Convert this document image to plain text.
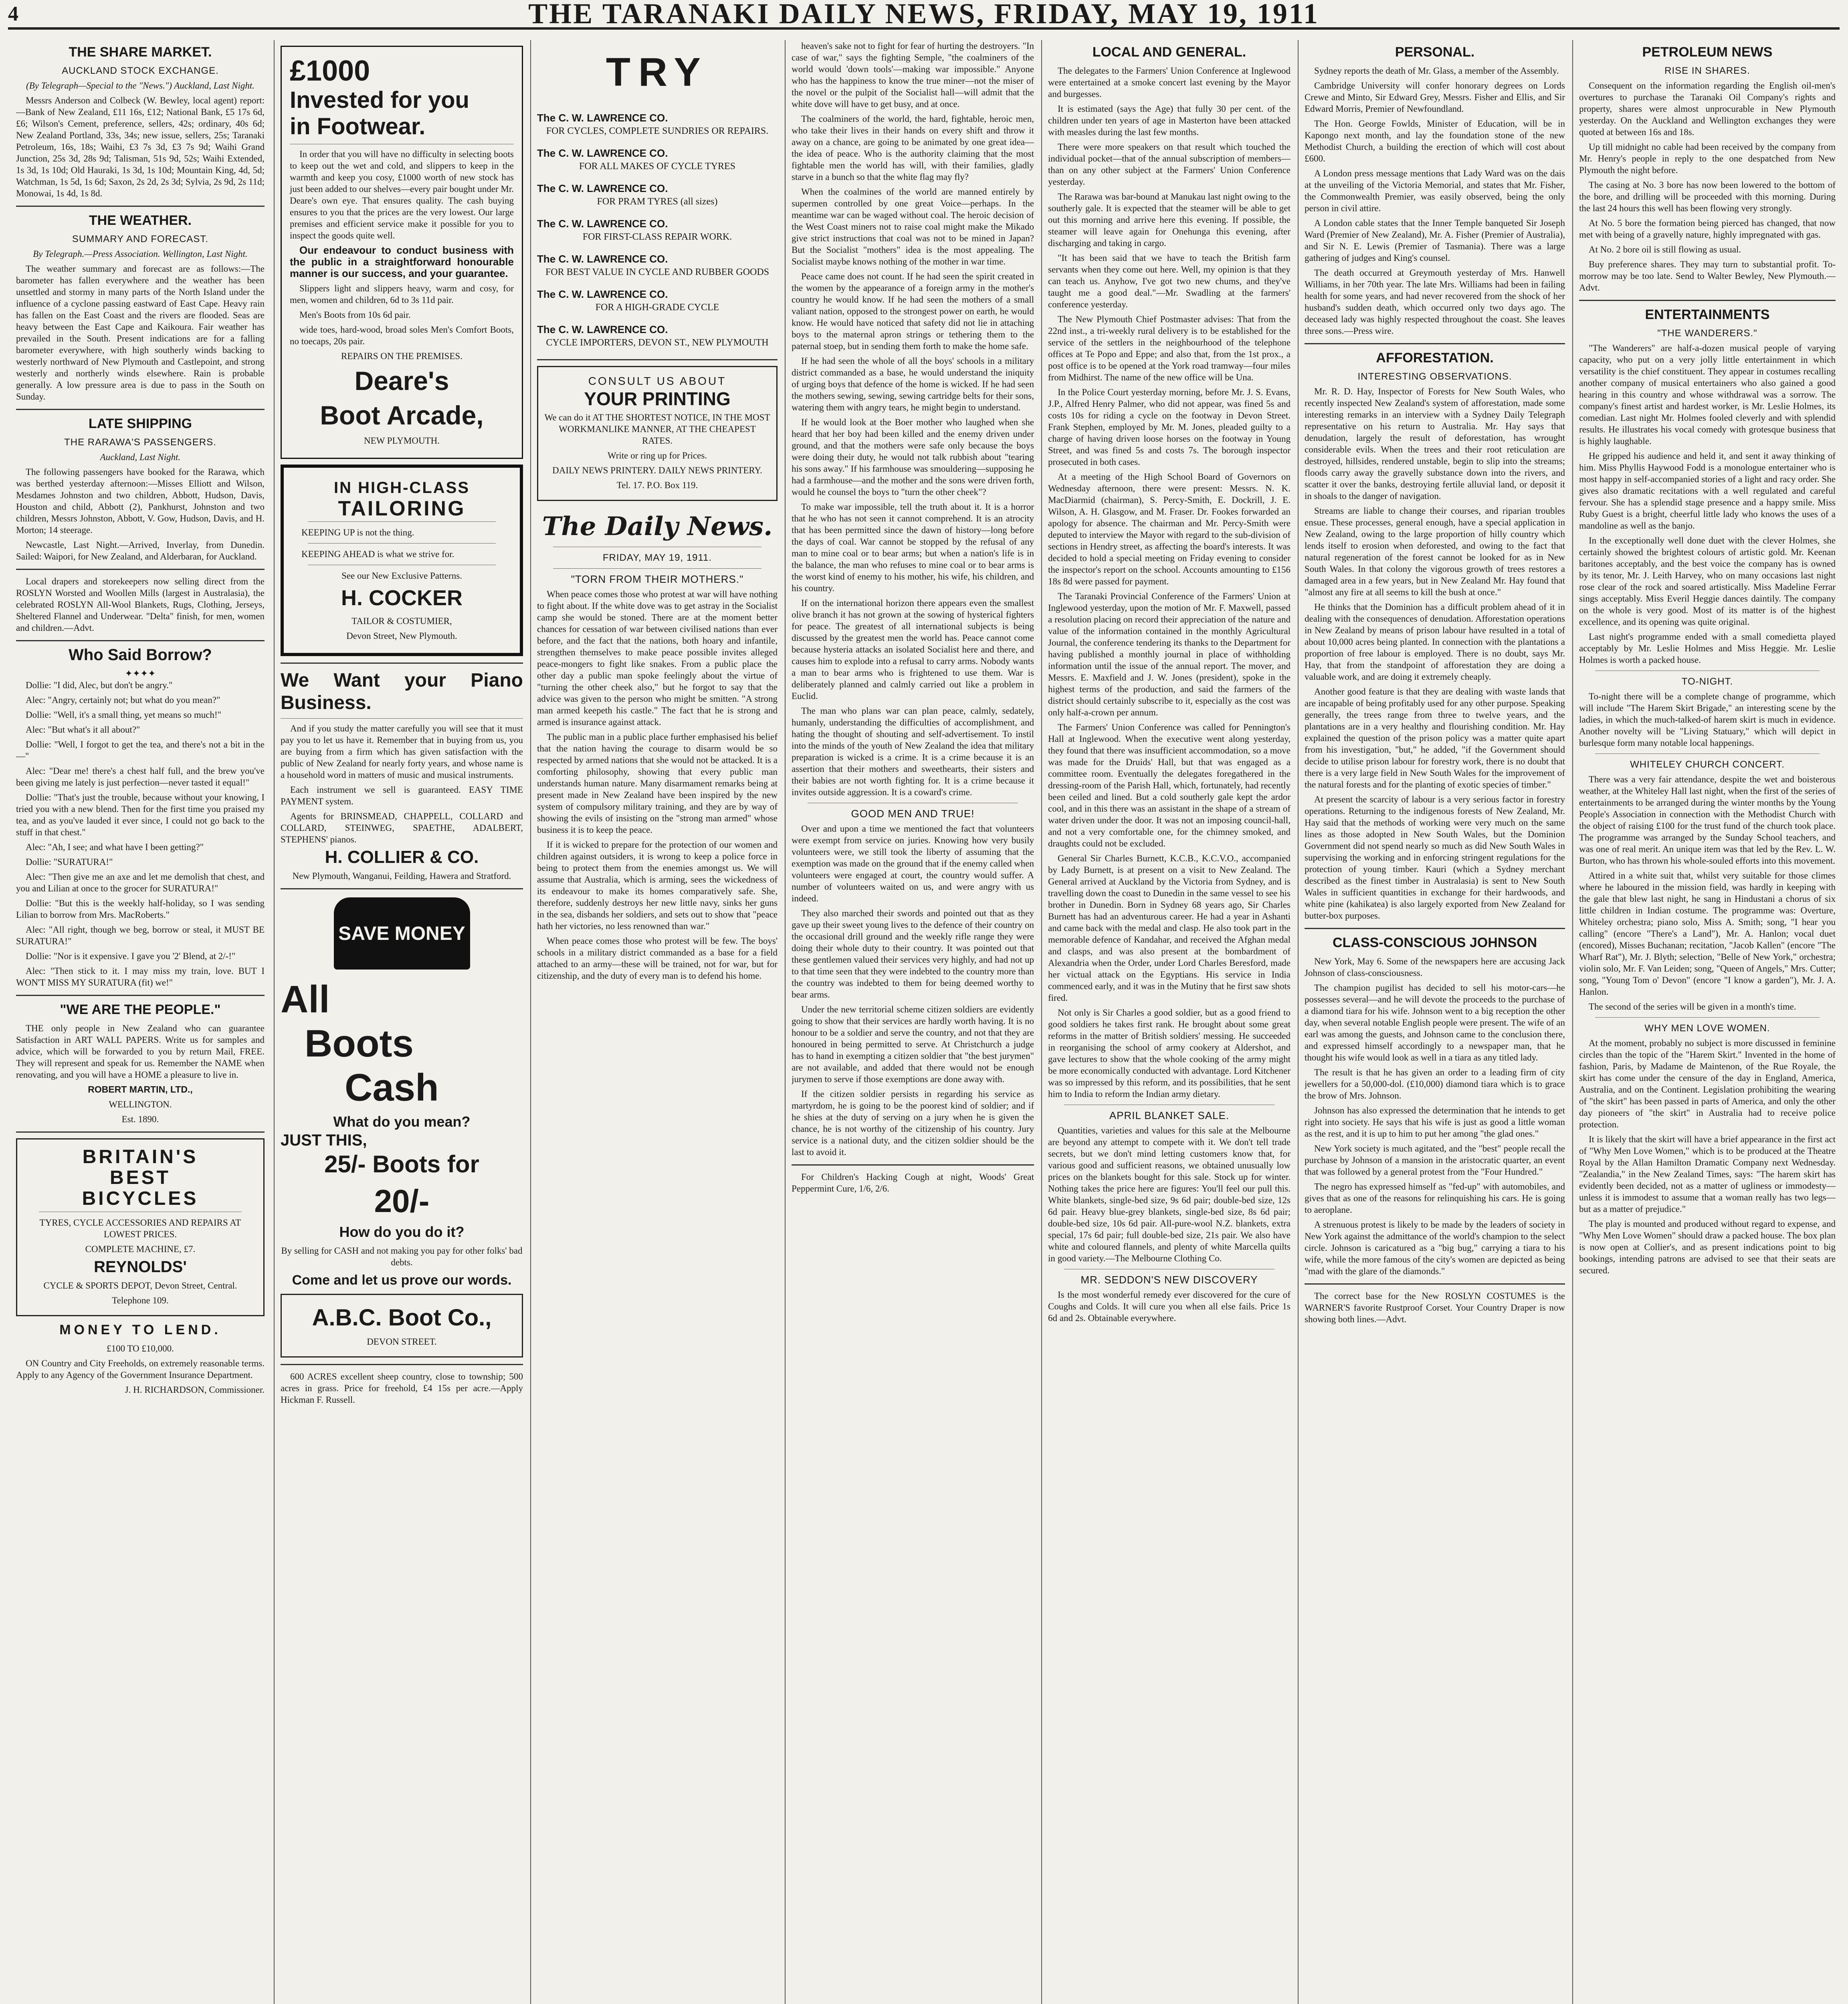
4	THE TARANAKI DAILY NEWS, FRIDAY, MAY 19, 1911
THE SHARE MARKET.
AUCKLAND STOCK EXCHANGE.

(By Telegraph—Special to the "News.") Auckland, Last Night.

Messrs Anderson and Colbeck (W. Bewley, local agent) report:—Bank of New Zealand, £11 16s, £12; National Bank, £5 17s 6d, £6; Wilson's Cement, preference, sellers, 42s; ordinary, 40s 6d; New Zealand Portland, 33s, 34s; new issue, sellers, 25s; Taranaki Petroleum, 16s, 18s; Waihi, £3 7s 3d, £3 7s 9d; Waihi Grand Junction, 25s 3d, 28s 9d; Talisman, 51s 9d, 52s; Waihi Extended, 1s 3d, 1s 10d; Old Hauraki, 1s 3d, 1s 10d; Mountain King, 4d, 5d; Watchman, 1s 5d, 1s 6d; Saxon, 2s 2d, 2s 3d; Sylvia, 2s 9d, 2s 11d; Monowai, 1s 4d, 1s 8d.

THE WEATHER.
SUMMARY AND FORECAST.

By Telegraph.—Press Association. Wellington, Last Night.

The weather summary and forecast are as follows:—The barometer has fallen everywhere and the weather has been unsettled and stormy in many parts of the North Island under the influence of a cyclone passing eastward of East Cape. Heavy rain has fallen on the East Coast and the rivers are flooded. Seas are heavy between the East Cape and Kaikoura. Fair weather has prevailed in the South. Present indications are for a falling barometer everywhere, with high southerly winds backing to westerly northward of New Plymouth and Castlepoint, and strong westerly and northerly winds elsewhere. Rain is probable generally. A low pressure area is due to pass in the South on Sunday.

LATE SHIPPING
THE RARAWA'S PASSENGERS.

Auckland, Last Night.

The following passengers have booked for the Rarawa, which was berthed yesterday afternoon:—Misses Elliott and Wilson, Mesdames Johnston and two children, Abbott, Hudson, Davis, Houston and child, Abbott (2), Pankhurst, Johnston and two children, Messrs Johnston, Abbott, V. Gow, Hudson, Davis, and H. Morton; 14 steerage.

Newcastle, Last Night.—Arrived, Inverlay, from Dunedin. Sailed: Waipori, for New Zealand, and Alderbaran, for Auckland.

Local drapers and storekeepers now selling direct from the ROSLYN Worsted and Woollen Mills (largest in Australasia), the celebrated ROSLYN All-Wool Blankets, Rugs, Clothing, Jerseys, Sheltered Flannel and Underwear. "Delta" finish, for men, women and children.—Advt.

Who Said Borrow?
✦✦✦✦

Dollie: "I did, Alec, but don't be angry."

Alec: "Angry, certainly not; but what do you mean?"

Dollie: "Well, it's a small thing, yet means so much!"

Alec: "But what's it all about?"

Dollie: "Well, I forgot to get the tea, and there's not a bit in the—"

Alec: "Dear me! there's a chest half full, and the brew you've been giving me lately is just perfection—never tasted it equal!"

Dollie: "That's just the trouble, because without your knowing, I tried you with a new blend. Then for the first time you praised my tea, and as you've lauded it ever since, I could not go back to the stuff in that chest."

Alec: "Ah, I see; and what have I been getting?"

Dollie: "SURATURA!"

Alec: "Then give me an axe and let me demolish that chest, and you and Lilian at once to the grocer for SURATURA!"

Dollie: "But this is the weekly half-holiday, so I was sending Lilian to borrow from Mrs. MacRoberts."

Alec: "All right, though we beg, borrow or steal, it MUST BE SURATURA!"

Dollie: "Nor is it expensive. I gave you '2' Blend, at 2/-!"

Alec: "Then stick to it. I may miss my train, love. BUT I WON'T MISS MY SURATURA (fit) we!"

"WE ARE THE PEOPLE."

THE only people in New Zealand who can guarantee Satisfaction in ART WALL PAPERS. Write us for samples and advice, which will be forwarded to you by return Mail, FREE. They will represent and speak for us. Remember the NAME when renovating, and you will have a HOME a pleasure to live in.

ROBERT MARTIN, LTD.,

WELLINGTON.

Est. 1890.

BRITAIN'S
BEST
BICYCLES

TYRES, CYCLE ACCESSORIES AND REPAIRS AT LOWEST PRICES.

COMPLETE MACHINE, £7.

REYNOLDS'

CYCLE & SPORTS DEPOT, Devon Street, Central.

Telephone 109.

MONEY TO LEND.

£100 TO £10,000.

ON Country and City Freeholds, on extremely reasonable terms. Apply to any Agency of the Government Insurance Department.

J. H. RICHARDSON, Commissioner.

£1000
Invested for you
in Footwear.

In order that you will have no difficulty in selecting boots to keep out the wet and cold, and slippers to keep in the warmth and keep you cosy, £1000 worth of new stock has just been added to our shelves—every pair bought under Mr. Deare's own eye. That ensures quality. The cash buying ensures to you that the prices are the very lowest. Our large premises and efficient service make it possible for you to inspect the goods quite well.

Our endeavour to conduct business with the public in a straightforward honourable manner is our success, and your guarantee.

Slippers light and slippers heavy, warm and cosy, for men, women and children, 6d to 3s 11d pair.

Men's Boots from 10s 6d pair.

wide toes, hard-wood, broad soles Men's Comfort Boots, no toecaps, 20s pair.

REPAIRS ON THE PREMISES.

Deare's
Boot Arcade,

NEW PLYMOUTH.

IN HIGH-CLASS
TAILORING

KEEPING UP is not the thing.

KEEPING AHEAD is what we strive for.

See our New Exclusive Patterns.

H. COCKER

TAILOR & COSTUMIER,

Devon Street, New Plymouth.

We Want your Piano Business.

And if you study the matter carefully you will see that it must pay you to let us have it. Remember that in buying from us, you are buying from a firm which has given satisfaction with the public of New Zealand for nearly forty years, and whose name is a household word in matters of music and musical instruments.

Each instrument we sell is guaranteed. EASY TIME PAYMENT system.

Agents for BRINSMEAD, CHAPPELL, COLLARD and COLLARD, STEINWEG, SPAETHE, ADALBERT, STEPHENS' pianos.

H. COLLIER & CO.

New Plymouth, Wanganui, Feilding, Hawera and Stratford.

SAVE MONEY
All
Boots
Cash
What do you mean?
JUST THIS,
25/- Boots for
20/-
How do you do it?

By selling for CASH and not making you pay for other folks' bad debts.

Come and let us prove our words.
A.B.C. Boot Co.,

DEVON STREET.

600 ACRES excellent sheep country, close to township; 500 acres in grass. Price for freehold, £4 15s per acre.—Apply Hickman F. Russell.

TRY
The C. W. LAWRENCE CO.
FOR CYCLES, COMPLETE SUNDRIES OR REPAIRS.
The C. W. LAWRENCE CO.
FOR ALL MAKES OF CYCLE TYRES
The C. W. LAWRENCE CO.
FOR PRAM TYRES (all sizes)
The C. W. LAWRENCE CO.
FOR FIRST-CLASS REPAIR WORK.
The C. W. LAWRENCE CO.
FOR BEST VALUE IN CYCLE AND RUBBER GOODS
The C. W. LAWRENCE CO.
FOR A HIGH-GRADE CYCLE
The C. W. LAWRENCE CO.
CYCLE IMPORTERS, DEVON ST., NEW PLYMOUTH
CONSULT US ABOUT
YOUR PRINTING

We can do it AT THE SHORTEST NOTICE, IN THE MOST WORKMANLIKE MANNER, AT THE CHEAPEST RATES.

Write or ring up for Prices.

DAILY NEWS PRINTERY. DAILY NEWS PRINTERY.

Tel. 17. P.O. Box 119.

The Daily News.
FRIDAY, MAY 19, 1911.
"TORN FROM THEIR MOTHERS."

When peace comes those who protest at war will have nothing to fight about. If the white dove was to get astray in the Socialist camp she would be stoned. There are at the moment better chances for cessation of war between civilised nations than ever before, and the fact that the nations, both hoary and infantile, strengthen themselves to make peace possible invites alleged peace-mongers to fight like snakes. From a public place the other day a public man spoke feelingly about the virtue of "turning the other cheek also," but he forgot to say that the advice was given to the person who might be smitten. "A strong man armed keepeth his castle." The fact that he is strong and armed is insurance against attack.

The public man in a public place further emphasised his belief that the nation having the courage to disarm would be so respected by armed nations that she would not be attacked. It is a comforting philosophy, showing that every public man understands human nature. Many disarmament remarks being at present made in New Zealand have been inspired by the new system of compulsory military training, and they are by way of showing the evils of insisting on the "strong man armed" whose business it is to keep the peace.

If it is wicked to prepare for the protection of our women and children against outsiders, it is wrong to keep a police force in being to protect them from the enemies amongst us. We will assume that Australia, which is arming, sees the wickedness of its endeavour to make its homes comparatively safe. She, therefore, suddenly destroys her new little navy, sinks her guns in the sea, disbands her soldiers, and sets out to show that "peace hath her victories, no less renowned than war."

When peace comes those who protest will be few. The boys' schools in a military district commanded as a base for a field attached to an army—these will be trained, not for war, but for citizenship, and the duty of every man is to defend his home.

heaven's sake not to fight for fear of hurting the destroyers. "In case of war," says the fighting Semple, "the coalminers of the world would 'down tools'—making war impossible." Anyone who has the happiness to know the true miner—not the miser of the novel or the pulpit of the Socialist hall—will admit that the white dove will have to get busy, and at once.

The coalminers of the world, the hard, fightable, heroic men, who take their lives in their hands on every shift and throw it away on a chance, are going to be animated by one great idea—the idea of peace. Who is the authority claiming that the most fightable men the world has will, with their families, gladly starve in a bunch so that the white flag may fly?

When the coalmines of the world are manned entirely by supermen controlled by one great Voice—perhaps. In the meantime war can be waged without coal. The heroic decision of the West Coast miners not to raise coal might make the Mikado give strict instructions that coal was not to be mined in Japan? But the Socialist "mothers" idea is the most appealing. The Socialist maybe knows nothing of the mother in war time.

Peace came does not count. If he had seen the spirit created in the women by the appearance of a foreign army in the mother's country he would know. If he had seen the mothers of a small valiant nation, opposed to the strongest power on earth, he would know. He would have noticed that safety did not lie in attaching boys to the maternal apron strings or tethering them to the paternal stoep, but in sending them forth to make the home safe.

If he had seen the whole of all the boys' schools in a military district commanded as a base, he would understand the iniquity of urging boys that defence of the home is wicked. If he had seen the mothers sewing, sewing, sewing cartridge belts for their sons, watering them with angry tears, he might begin to understand.

If he would look at the Boer mother who laughed when she heard that her boy had been killed and the enemy driven under ground, and that the mothers were safe only because the boys were doing their duty, he would not talk rubbish about "tearing his sons away." If his farmhouse was smouldering—supposing he had a farmhouse—and the mother and the sons were driven forth, would he counsel the boys to "turn the other cheek"?

To make war impossible, tell the truth about it. It is a horror that he who has not seen it cannot comprehend. It is an atrocity that has been permitted since the dawn of history—long before the days of coal. War cannot be stopped by the refusal of any man to mine coal or to bear arms; but when a nation's life is in the balance, the man who refuses to mine coal or to bear arms is the worst kind of enemy to his mother, his wife, his children, and his country.

If on the international horizon there appears even the smallest olive branch it has not grown at the sowing of hysterical fighters for peace. The greatest of all international subjects is being discussed by the greatest men the world has. Peace cannot come because hysteria attacks an isolated Socialist here and there, and causes him to explode into a refusal to carry arms. Nobody wants a man to bear arms who is frightened to use them. War is deliberately planned and calmly carried out like a problem in Euclid.

The man who plans war can plan peace, calmly, sedately, humanly, understanding the difficulties of accomplishment, and hating the thought of shouting and self-advertisement. To instil into the minds of the youth of New Zealand the idea that military preparation is wicked is a crime. It is a crime because it is an assertion that their mothers and sweethearts, their sisters and their babies are not worth fighting for. It is a crime because it invites outside aggression. It is a coward's crime.

GOOD MEN AND TRUE!

Over and upon a time we mentioned the fact that volunteers were exempt from service on juries. Knowing how very busily volunteers were, we still took the liberty of assuming that the exemption was made on the ground that if the enemy called when volunteers were engaged at court, the country would suffer. A number of volunteers waited on us, and were angry with us indeed.

They also marched their swords and pointed out that as they gave up their sweet young lives to the defence of their country on the occasional drill ground and the weekly rifle range they were doing their whole duty to their country. It was pointed out that these gentlemen valued their services very highly, and had not up to that time seen that they were indebted to the country more than the country was indebted to them for being deemed worthy to bear arms.

Under the new territorial scheme citizen soldiers are evidently going to show that their services are hardly worth having. It is no honour to be a soldier and serve the country, and not that they are honoured in being permitted to serve. At Christchurch a judge has to hand in exempting a citizen soldier that "the best jurymen" are not available, and added that there would not be enough jurymen to serve if those exemptions are done away with.

If the citizen soldier persists in regarding his service as martyrdom, he is going to be the poorest kind of soldier; and if he shies at the duty of serving on a jury when he is given the chance, he is not worthy of the citizenship of his country. Jury service is a national duty, and the citizen soldier should be the last to avoid it.

For Children's Hacking Cough at night, Woods' Great Peppermint Cure, 1/6, 2/6.

LOCAL AND GENERAL.

The delegates to the Farmers' Union Conference at Inglewood were entertained at a smoke concert last evening by the Mayor and burgesses.

It is estimated (says the Age) that fully 30 per cent. of the children under ten years of age in Masterton have been attacked with measles during the last few months.

There were more speakers on that result which touched the individual pocket—that of the annual subscription of members—than on any other subject at the Farmers' Union Conference yesterday.

The Rarawa was bar-bound at Manukau last night owing to the southerly gale. It is expected that the steamer will be able to get out this morning and arrive here this evening. If possible, the steamer will leave again for Onehunga this evening, after discharging and taking in cargo.

"It has been said that we have to teach the British farm servants when they come out here. Well, my opinion is that they can teach us. Anyhow, I've got two new chums, and they've taught me a good deal."—Mr. Swadling at the farmers' conference yesterday.

The New Plymouth Chief Postmaster advises: That from the 22nd inst., a tri-weekly rural delivery is to be established for the service of the settlers in the neighbourhood of the telephone offices at Te Popo and Eppe; and also that, from the 1st prox., a post office is to be opened at the York road tramway—four miles from Midhirst. The name of the new office will be Una.

In the Police Court yesterday morning, before Mr. J. S. Evans, J.P., Alfred Henry Palmer, who did not appear, was fined 5s and costs 10s for riding a cycle on the footway in Devon Street. Frank Stephen, employed by Mr. M. Jones, pleaded guilty to a charge of having driven loose horses on the footway in Young Street, and was fined 5s and costs 7s. The borough inspector prosecuted in both cases.

At a meeting of the High School Board of Governors on Wednesday afternoon, there were present: Messrs. N. K. MacDiarmid (chairman), S. Percy-Smith, E. Dockrill, J. E. Wilson, A. H. Glasgow, and M. Fraser. Dr. Fookes forwarded an apology for absence. The chairman and Mr. Percy-Smith were deputed to interview the Mayor with regard to the sub-division of sections in Hendry street, as affecting the board's interests. It was decided to hold a special meeting on Friday evening to consider the inspector's report on the school. Accounts amounting to £156 18s 8d were passed for payment.

The Taranaki Provincial Conference of the Farmers' Union at Inglewood yesterday, upon the motion of Mr. F. Maxwell, passed a resolution placing on record their appreciation of the nature and value of the information contained in the monthly Agricultural Journal, the conference tendering its thanks to the Department for having published a monthly journal in place of withholding information until the issue of the annual report. The mover, and Messrs. E. Maxfield and J. W. Jones (president), spoke in the highest terms of the production, and said the farmers of the district should certainly subscribe to it, especially as the cost was only half-a-crown per annum.

The Farmers' Union Conference was called for Pennington's Hall at Inglewood. When the executive went along yesterday, they found that there was insufficient accommodation, so a move was made for the Druids' Hall, but that was engaged as a committee room. Eventually the delegates foregathered in the dressing-room of the Parish Hall, which, fortunately, had recently been ceiled and lined. But a cold southerly gale kept the ardor cool, and in this there was an assistant in the shape of a stream of water driven under the door. It was not an imposing council-hall, and not a very comfortable one, for the chimney smoked, and draughts could not be excluded.

General Sir Charles Burnett, K.C.B., K.C.V.O., accompanied by Lady Burnett, is at present on a visit to New Zealand. The General arrived at Auckland by the Victoria from Sydney, and is travelling down the coast to Dunedin in the same vessel to see his brother in Dunedin. Born in Sydney 68 years ago, Sir Charles Burnett has had an adventurous career. He had a year in Ashanti and came back with the medal and clasp. He also took part in the memorable defence of Kandahar, and received the Afghan medal and clasps, and was also present at the bombardment of Alexandria when the Order, under Lord Charles Beresford, made her victual attack on the Egyptians. His service in India commenced early, and it was in the Mutiny that he first saw shots fired.

Not only is Sir Charles a good soldier, but as a good friend to good soldiers he takes first rank. He brought about some great reforms in the matter of British soldiers' messing. He succeeded in reorganising the school of army cookery at Aldershot, and gave lectures to show that the whole cooking of the army might be more economically conducted with advantage. Lord Kitchener was so impressed by this reform, and its possibilities, that he sent him to India to reform the Indian army dietary.

APRIL BLANKET SALE.

Quantities, varieties and values for this sale at the Melbourne are beyond any attempt to compete with it. We don't tell trade secrets, but we don't mind letting customers know that, for various good and sufficient reasons, we obtained unusually low prices on the blankets bought for this sale. Stock up for winter. Nothing takes the price here are figures: You'll feel our pull this. White blankets, single-bed size, 9s 6d pair; double-bed size, 12s 6d pair. Heavy blue-grey blankets, single-bed size, 8s 6d pair; double-bed size, 10s 6d pair. All-pure-wool N.Z. blankets, extra special, 17s 6d pair; full double-bed size, 21s pair. We also have white and coloured flannels, and plenty of white Marcella quilts in good variety.—The Melbourne Clothing Co.

MR. SEDDON'S NEW DISCOVERY

Is the most wonderful remedy ever discovered for the cure of Coughs and Colds. It will cure you when all else fails. Price 1s 6d and 2s. Obtainable everywhere.

PERSONAL.

Sydney reports the death of Mr. Glass, a member of the Assembly.

Cambridge University will confer honorary degrees on Lords Crewe and Minto, Sir Edward Grey, Messrs. Fisher and Ellis, and Sir Edward Morris, Premier of Newfoundland.

The Hon. George Fowlds, Minister of Education, will be in Kapongo next month, and lay the foundation stone of the new Methodist Church, a building the erection of which will cost about £600.

A London press message mentions that Lady Ward was on the dais at the unveiling of the Victoria Memorial, and states that Mr. Fisher, the Commonwealth Premier, was easily observed, being the only person in civil attire.

A London cable states that the Inner Temple banqueted Sir Joseph Ward (Premier of New Zealand), Mr. A. Fisher (Premier of Australia), and Sir N. E. Lewis (Premier of Tasmania). There was a large gathering of judges and King's counsel.

The death occurred at Greymouth yesterday of Mrs. Hanwell Williams, in her 70th year. The late Mrs. Williams had been in failing health for some years, and had never recovered from the shock of her husband's sudden death, which occurred only two days ago. The deceased lady was highly respected throughout the coast. She leaves three sons.—Press wire.

AFFORESTATION.
INTERESTING OBSERVATIONS.

Mr. R. D. Hay, Inspector of Forests for New South Wales, who recently inspected New Zealand's system of afforestation, made some interesting remarks in an interview with a Sydney Daily Telegraph representative on his return to Australia. Mr. Hay says that denudation, largely the result of deforestation, has wrought considerable evils. When the trees and their root reticulation are destroyed, hillsides, rendered unstable, begin to slip into the streams; floods carry away the gravelly substance down into the rivers, and scatter it over the banks, destroying fertile alluvial land, or deposit it in shoals to the danger of navigation.

Streams are liable to change their courses, and riparian troubles ensue. These processes, general enough, have a special application in New Zealand, owing to the large proportion of hilly country which lends itself to erosion when deforested, and owing to the fact that natural regeneration of the forest cannot be looked for as in New South Wales. In that colony the vigorous growth of trees restores a damaged area in a few years, but in New Zealand Mr. Hay found that "almost any fire at all seems to kill the bush at once."

He thinks that the Dominion has a difficult problem ahead of it in dealing with the consequences of denudation. Afforestation operations in New Zealand by means of prison labour have resulted in a total of about 10,000 acres being planted. In connection with the plantations a proportion of free labour is employed. There is no doubt, says Mr. Hay, that from the standpoint of afforestation they are doing a valuable work, and are doing it extremely cheaply.

Another good feature is that they are dealing with waste lands that are incapable of being profitably used for any other purpose. Speaking generally, the trees range from three to twelve years, and the plantations are in a very healthy and flourishing condition. Mr. Hay explained the question of the prison policy was a matter quite apart from his investigation, "but," he added, "if the Government should decide to utilise prison labour for forestry work, there is no doubt that there is a very large field in New South Wales for the improvement of the natural forests and for the planting of exotic species of timber."

At present the scarcity of labour is a very serious factor in forestry operations. Returning to the indigenous forests of New Zealand, Mr. Hay said that the methods of working were very much on the same lines as those adopted in New South Wales, but the Dominion Government did not spend nearly so much as did New South Wales in supervising the working and in enforcing stringent regulations for the protection of young timber. Kauri (which a Sydney merchant described as the finest timber in Australasia) is sent to New South Wales in sufficient quantities in exchange for their hardwoods, and white pine (kahikatea) is also largely exported from New Zealand for butter-box purposes.

CLASS-CONSCIOUS JOHNSON

New York, May 6. Some of the newspapers here are accusing Jack Johnson of class-consciousness.

The champion pugilist has decided to sell his motor-cars—he possesses several—and he will devote the proceeds to the purchase of a diamond tiara for his wife. Johnson went to a big reception the other day, when several notable English people were present. The wife of an earl was among the guests, and Johnson came to the conclusion there, and expressed himself accordingly to a newspaper man, that he thought his wife would look as well in a tiara as any titled lady.

The result is that he has given an order to a leading firm of city jewellers for a 50,000-dol. (£10,000) diamond tiara which is to grace the brow of Mrs. Johnson.

Johnson has also expressed the determination that he intends to get right into society. He says that his wife is just as good a little woman as the rest, and it is up to him to put her among "the glad ones."

New York society is much agitated, and the "best" people recall the purchase by Johnson of a mansion in the aristocratic quarter, an event that was followed by a general protest from the "Four Hundred."

The negro has expressed himself as "fed-up" with automobiles, and gives that as one of the reasons for relinquishing his cars. He is going to aeroplane.

A strenuous protest is likely to be made by the leaders of society in New York against the admittance of the world's champion to the select circle. Johnson is caricatured as a "big bug," carrying a tiara to his wife, while the more famous of the city's women are depicted as being "mad with the glare of the diamonds."

The correct base for the New ROSLYN COSTUMES is the WARNER'S favorite Rustproof Corset. Your Country Draper is now showing both lines.—Advt.

PETROLEUM NEWS
RISE IN SHARES.

Consequent on the information regarding the English oil-men's overtures to purchase the Taranaki Oil Company's rights and property, shares were almost unprocurable in New Plymouth yesterday. On the Auckland and Wellington exchanges they were quoted at between 16s and 18s.

Up till midnight no cable had been received by the company from Mr. Henry's people in reply to the one despatched from New Plymouth the night before.

The casing at No. 3 bore has now been lowered to the bottom of the bore, and drilling will be proceeded with this morning. During the last 24 hours this well has been flowing very strongly.

At No. 5 bore the formation being pierced has changed, that now met with being of a gravelly nature, highly impregnated with gas.

At No. 2 bore oil is still flowing as usual.

Buy preference shares. They may turn to substantial profit. To-morrow may be too late. Send to Walter Bewley, New Plymouth.—Advt.

ENTERTAINMENTS
"THE WANDERERS."

"The Wanderers" are half-a-dozen musical people of varying capacity, who put on a very jolly little entertainment in which versatility is the chief constituent. They appear in costumes recalling another company of musical entertainers who also gained a good hearing in this country and whose withdrawal was a sorrow. The company's finest artist and hardest worker, is Mr. Leslie Holmes, its comedian. Last night Mr. Holmes fooled cleverly and with splendid results. He illustrates his vocal comedy with grotesque business that is highly laughable.

He gripped his audience and held it, and sent it away thinking of him. Miss Phyllis Haywood Fodd is a monologue entertainer who is most happy in self-accompanied stories of a light and racy order. She gives also dramatic recitations with a well regulated and careful fervour. She has a splendid stage presence and a happy smile. Miss Ruby Guest is a bright, cheerful little lady who knows the uses of a mandoline as well as the banjo.

In the exceptionally well done duet with the clever Holmes, she certainly showed the brightest colours of artistic gold. Mr. Keenan baritones acceptably, and the best voice the company has is owned by its tenor, Mr. J. Leith Harvey, who on many occasions last night rose clear of the rock and soared artistically. Miss Madeline Ferrar sings acceptably. Miss Everil Heggie dances daintily. The company on the whole is very good. Most of its matter is of the highest excellence, and its opening was quite original.

Last night's programme ended with a small comedietta played acceptably by Mr. Leslie Holmes and Miss Heggie. Mr. Leslie Holmes is worth a packed house.

TO-NIGHT.

To-night there will be a complete change of programme, which will include "The Harem Skirt Brigade," an interesting scene by the ladies, in which the much-talked-of harem skirt is much in evidence. Another novelty will be "Living Statuary," which will depict in burlesque form many notable local happenings.

WHITELEY CHURCH CONCERT.

There was a very fair attendance, despite the wet and boisterous weather, at the Whiteley Hall last night, when the first of the series of entertainments to be arranged during the winter months by the Young People's Association in connection with the Methodist Church with the object of raising £100 for the trust fund of the church took place. The programme was arranged by the Sunday School teachers, and was one of real merit. An unique item was that led by the Rev. L. W. Burton, who has thrown his whole-souled efforts into this movement.

Attired in a white suit that, whilst very suitable for those climes where he laboured in the mission field, was hardly in keeping with the gale that blew last night, he sang in Hindustani a chorus of six little children in Indian costume. The programme was: Overture, Whiteley orchestra; piano solo, Miss A. Smith; song, "I hear you calling" (encore "There's a Land"), Mr. A. Hanlon; vocal duet (encored), Misses Buchanan; recitation, "Jacob Kallen" (encore "The Wharf Rat"), Mr. J. Blyth; selection, "Belle of New York," orchestra; violin solo, Mr. F. Van Leiden; song, "Queen of Angels," Mrs. Cutter; song, "Young Tom o' Devon" (encore "I know a garden"), Mr. J. A. Hanlon.

The second of the series will be given in a month's time.

WHY MEN LOVE WOMEN.

At the moment, probably no subject is more discussed in feminine circles than the topic of the "Harem Skirt." Invented in the home of fashion, Paris, by Madame de Maintenon, of the Rue Royale, the skirt has come under the censure of the day in England, America, Australia, and on the Continent. Legislation prohibiting the wearing of "the skirt" has been passed in parts of America, and only the other day pioneers of "the skirt" in Australia had to receive police protection.

It is likely that the skirt will have a brief appearance in the first act of "Why Men Love Women," which is to be produced at the Theatre Royal by the Allan Hamilton Dramatic Company next Wednesday. "Zealandia," in the New Zealand Times, says: "The harem skirt has evidently been decided, not as a matter of ugliness or immodesty—unless it is immodest to assume that a woman really has two legs—but as a matter of prejudice."

The play is mounted and produced without regard to expense, and "Why Men Love Women" should draw a packed house. The box plan is now open at Collier's, and as present indications point to big bookings, intending patrons are advised to see that their seats are secured.
